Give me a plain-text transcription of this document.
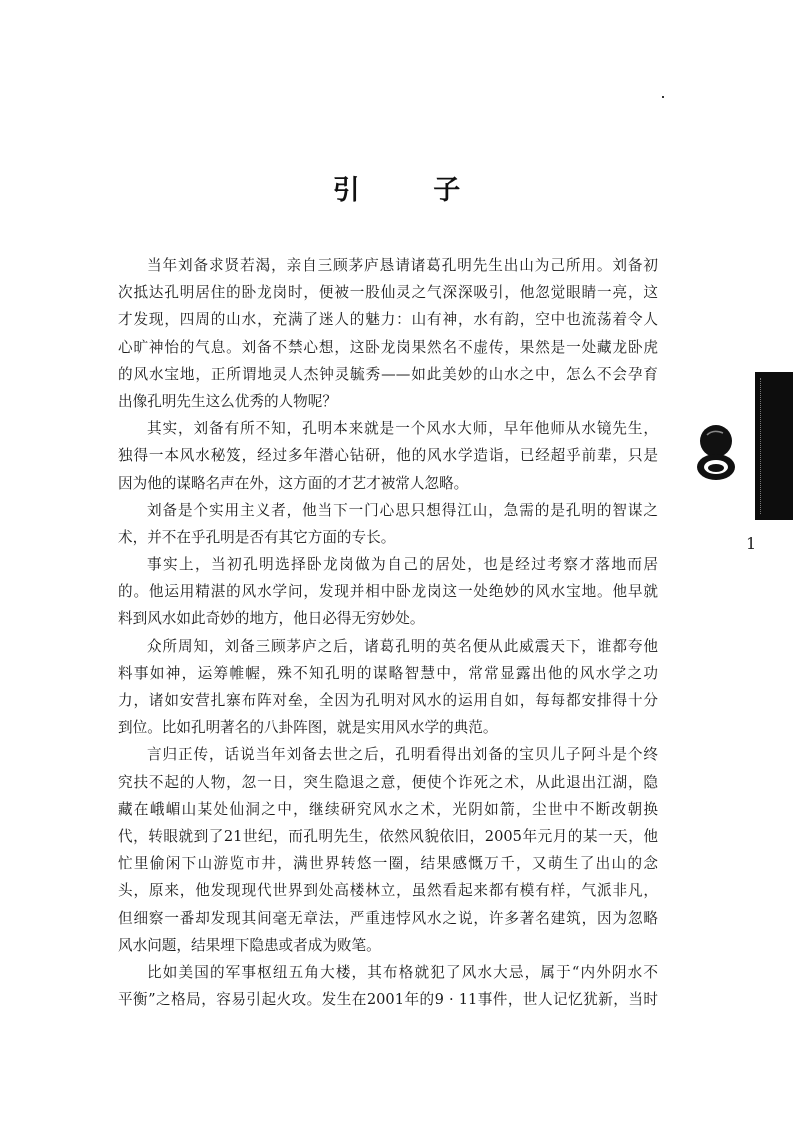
引 子
当年刘备求贤若渴，亲自三顾茅庐恳请诸葛孔明先生出山为己所用。刘备初
次抵达孔明居住的卧龙岗时，便被一股仙灵之气深深吸引，他忽觉眼睛一亮，这
才发现，四周的山水，充满了迷人的魅力：山有神，水有韵，空中也流荡着令人
心旷神怡的气息。刘备不禁心想，这卧龙岗果然名不虚传，果然是一处藏龙卧虎
的风水宝地，正所谓地灵人杰钟灵毓秀——如此美妙的山水之中，怎么不会孕育
出像孔明先生这么优秀的人物呢？
其实，刘备有所不知，孔明本来就是一个风水大师，早年他师从水镜先生，
独得一本风水秘笈，经过多年潜心钻研，他的风水学造诣，已经超乎前辈，只是
因为他的谋略名声在外，这方面的才艺才被常人忽略。
刘备是个实用主义者，他当下一门心思只想得江山，急需的是孔明的智谋之
术，并不在乎孔明是否有其它方面的专长。
事实上，当初孔明选择卧龙岗做为自己的居处，也是经过考察才落地而居
的。他运用精湛的风水学问，发现并相中卧龙岗这一处绝妙的风水宝地。他早就
料到风水如此奇妙的地方，他日必得无穷妙处。
众所周知，刘备三顾茅庐之后，诸葛孔明的英名便从此威震天下，谁都夸他
料事如神，运筹帷幄，殊不知孔明的谋略智慧中，常常显露出他的风水学之功
力，诸如安营扎寨布阵对垒，全因为孔明对风水的运用自如，每每都安排得十分
到位。比如孔明著名的八卦阵图，就是实用风水学的典范。
言归正传，话说当年刘备去世之后，孔明看得出刘备的宝贝儿子阿斗是个终
究扶不起的人物，忽一日，突生隐退之意，便使个诈死之术，从此退出江湖，隐
藏在峨嵋山某处仙洞之中，继续研究风水之术，光阴如箭，尘世中不断改朝换
代，转眼就到了21世纪，而孔明先生，依然风貌依旧，2005年元月的某一天，他
忙里偷闲下山游览市井，满世界转悠一圈，结果感慨万千，又萌生了出山的念
头，原来，他发现现代世界到处高楼林立，虽然看起来都有模有样，气派非凡，
但细察一番却发现其间毫无章法，严重违悖风水之说，许多著名建筑，因为忽略
风水问题，结果埋下隐患或者成为败笔。
比如美国的军事枢纽五角大楼，其布格就犯了风水大忌，属于“内外阴水不
平衡”之格局，容易引起火攻。发生在2001年的9 · 11事件，世人记忆犹新，当时
1
